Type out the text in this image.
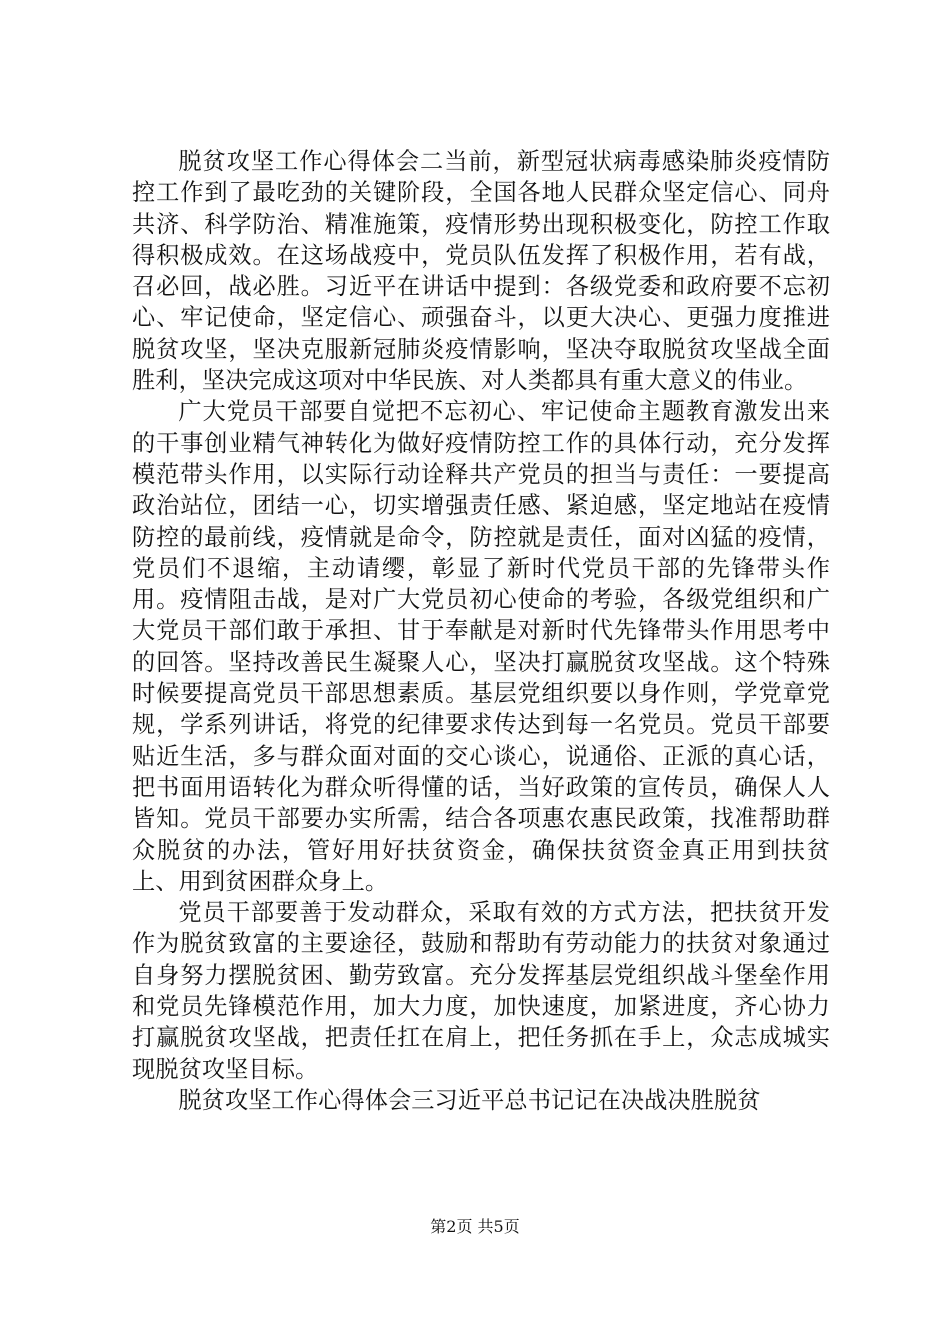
脱贫攻坚工作心得体会二当前，新型冠状病毒感染肺炎疫情防控工作到了最吃劲的关键阶段，全国各地人民群众坚定信心、同舟共济、科学防治、精准施策，疫情形势出现积极变化，防控工作取得积极成效。在这场战疫中，党员队伍发挥了积极作用，若有战，召必回，战必胜。习近平在讲话中提到：各级党委和政府要不忘初心、牢记使命，坚定信心、顽强奋斗，以更大决心、更强力度推进脱贫攻坚，坚决克服新冠肺炎疫情影响，坚决夺取脱贫攻坚战全面胜利，坚决完成这项对中华民族、对人类都具有重大意义的伟业。

广大党员干部要自觉把不忘初心、牢记使命主题教育激发出来的干事创业精气神转化为做好疫情防控工作的具体行动，充分发挥模范带头作用，以实际行动诠释共产党员的担当与责任：一要提高政治站位，团结一心，切实增强责任感、紧迫感，坚定地站在疫情防控的最前线，疫情就是命令，防控就是责任，面对凶猛的疫情，党员们不退缩，主动请缨，彰显了新时代党员干部的先锋带头作用。疫情阻击战，是对广大党员初心使命的考验，各级党组织和广大党员干部们敢于承担、甘于奉献是对新时代先锋带头作用思考中的回答。坚持改善民生凝聚人心，坚决打赢脱贫攻坚战。这个特殊时候要提高党员干部思想素质。基层党组织要以身作则，学党章党规，学系列讲话，将党的纪律要求传达到每一名党员。党员干部要贴近生活，多与群众面对面的交心谈心，说通俗、正派的真心话，把书面用语转化为群众听得懂的话，当好政策的宣传员，确保人人皆知。党员干部要办实所需，结合各项惠农惠民政策，找准帮助群众脱贫的办法，管好用好扶贫资金，确保扶贫资金真正用到扶贫上、用到贫困群众身上。

党员干部要善于发动群众，采取有效的方式方法，把扶贫开发作为脱贫致富的主要途径，鼓励和帮助有劳动能力的扶贫对象通过自身努力摆脱贫困、勤劳致富。充分发挥基层党组织战斗堡垒作用和党员先锋模范作用，加大力度，加快速度，加紧进度，齐心协力打赢脱贫攻坚战，把责任扛在肩上，把任务抓在手上，众志成城实现脱贫攻坚目标。

脱贫攻坚工作心得体会三习近平总书记记在决战决胜脱贫

第2页 共5页
